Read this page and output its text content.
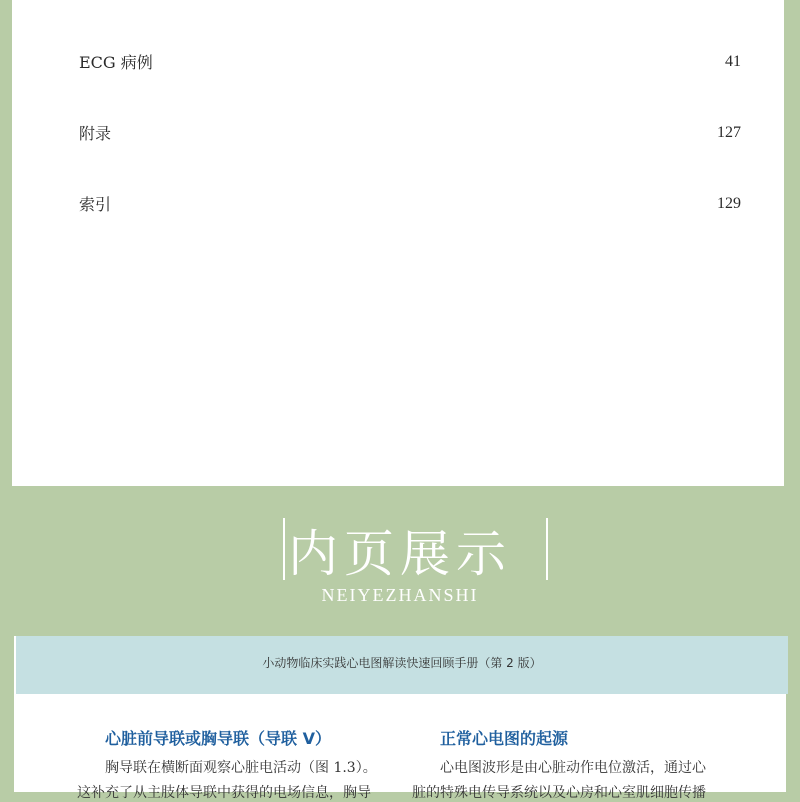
ECG 病例	41
附录	127
索引	129
内页展示
NEIYEZHANSHI
小动物临床实践心电图解读快速回顾手册（第 2 版）
心脏前导联或胸导联（导联 V）
胸导联在横断面观察心脏电活动（图 1.3）。
这补充了从主肢体导联中获得的电场信息，胸导
正常心电图的起源
心电图波形是由心脏动作电位激活，通过心
脏的特殊电传导系统以及心房和心室肌细胞传播
